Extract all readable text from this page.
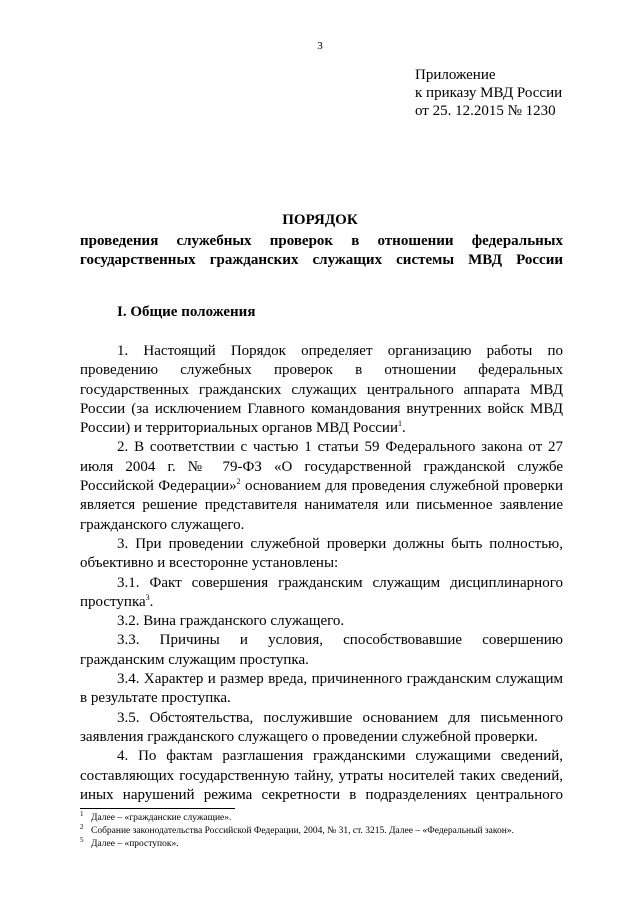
3
Приложение
к приказу МВД России
от 25. 12.2015 № 1230
ПОРЯДОК
проведения служебных проверок в отношении федеральных государственных гражданских служащих системы МВД России
I. Общие положения

1. Настоящий Порядок определяет организацию работы по проведению служебных проверок в отношении федеральных государственных гражданских служащих центрального аппарата МВД России (за исключением Главного командования внутренних войск МВД России) и территориальных органов МВД России$^1$.

2. В соответствии с частью 1 статьи 59 Федерального закона от 27 июля 2004 г. № 79-ФЗ «О государственной гражданской службе Российской Федерации»$^2$ основанием для проведения служебной проверки является решение представителя нанимателя или письменное заявление гражданского служащего.

3. При проведении служебной проверки должны быть полностью, объективно и всесторонне установлены:

3.1. Факт совершения гражданским служащим дисциплинарного проступка$^3$.

3.2. Вина гражданского служащего.

3.3. Причины и условия, способствовавшие совершению гражданским служащим проступка.

3.4. Характер и размер вреда, причиненного гражданским служащим в результате проступка.

3.5. Обстоятельства, послужившие основанием для письменного заявления гражданского служащего о проведении служебной проверки.

4. По фактам разглашения гражданскими служащими сведений, составляющих государственную тайну, утраты носителей таких сведений, иных нарушений режима секретности в подразделениях центрального

$^1$ Далее – «гражданские служащие».
$^2$ Собрание законодательства Российской Федерации, 2004, № 31, ст. 3215. Далее – «Федеральный закон».
$^5$ Далее – «проступок».
